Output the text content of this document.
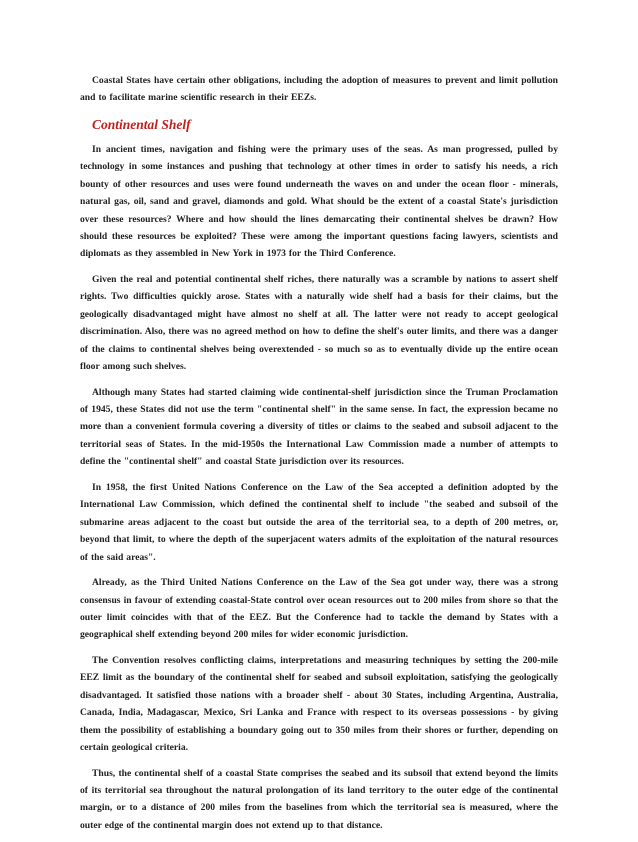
Coastal States have certain other obligations, including the adoption of measures to prevent and limit pollution and to facilitate marine scientific research in their EEZs.

Continental Shelf

In ancient times, navigation and fishing were the primary uses of the seas. As man progressed, pulled by technology in some instances and pushing that technology at other times in order to satisfy his needs, a rich bounty of other resources and uses were found underneath the waves on and under the ocean floor - minerals, natural gas, oil, sand and gravel, diamonds and gold. What should be the extent of a coastal State's jurisdiction over these resources? Where and how should the lines demarcating their continental shelves be drawn? How should these resources be exploited? These were among the important questions facing lawyers, scientists and diplomats as they assembled in New York in 1973 for the Third Conference.

Given the real and potential continental shelf riches, there naturally was a scramble by nations to assert shelf rights. Two difficulties quickly arose. States with a naturally wide shelf had a basis for their claims, but the geologically disadvantaged might have almost no shelf at all. The latter were not ready to accept geological discrimination. Also, there was no agreed method on how to define the shelf's outer limits, and there was a danger of the claims to continental shelves being overextended - so much so as to eventually divide up the entire ocean floor among such shelves.

Although many States had started claiming wide continental-shelf jurisdiction since the Truman Proclamation of 1945, these States did not use the term "continental shelf" in the same sense. In fact, the expression became no more than a convenient formula covering a diversity of titles or claims to the seabed and subsoil adjacent to the territorial seas of States. In the mid-1950s the International Law Commission made a number of attempts to define the "continental shelf" and coastal State jurisdiction over its resources.

In 1958, the first United Nations Conference on the Law of the Sea accepted a definition adopted by the International Law Commission, which defined the continental shelf to include "the seabed and subsoil of the submarine areas adjacent to the coast but outside the area of the territorial sea, to a depth of 200 metres, or, beyond that limit, to where the depth of the superjacent waters admits of the exploitation of the natural resources of the said areas".

Already, as the Third United Nations Conference on the Law of the Sea got under way, there was a strong consensus in favour of extending coastal-State control over ocean resources out to 200 miles from shore so that the outer limit coincides with that of the EEZ. But the Conference had to tackle the demand by States with a geographical shelf extending beyond 200 miles for wider economic jurisdiction.

The Convention resolves conflicting claims, interpretations and measuring techniques by setting the 200-mile EEZ limit as the boundary of the continental shelf for seabed and subsoil exploitation, satisfying the geologically disadvantaged. It satisfied those nations with a broader shelf - about 30 States, including Argentina, Australia, Canada, India, Madagascar, Mexico, Sri Lanka and France with respect to its overseas possessions - by giving them the possibility of establishing a boundary going out to 350 miles from their shores or further, depending on certain geological criteria.

Thus, the continental shelf of a coastal State comprises the seabed and its subsoil that extend beyond the limits of its territorial sea throughout the natural prolongation of its land territory to the outer edge of the continental margin, or to a distance of 200 miles from the baselines from which the territorial sea is measured, where the outer edge of the continental margin does not extend up to that distance.
